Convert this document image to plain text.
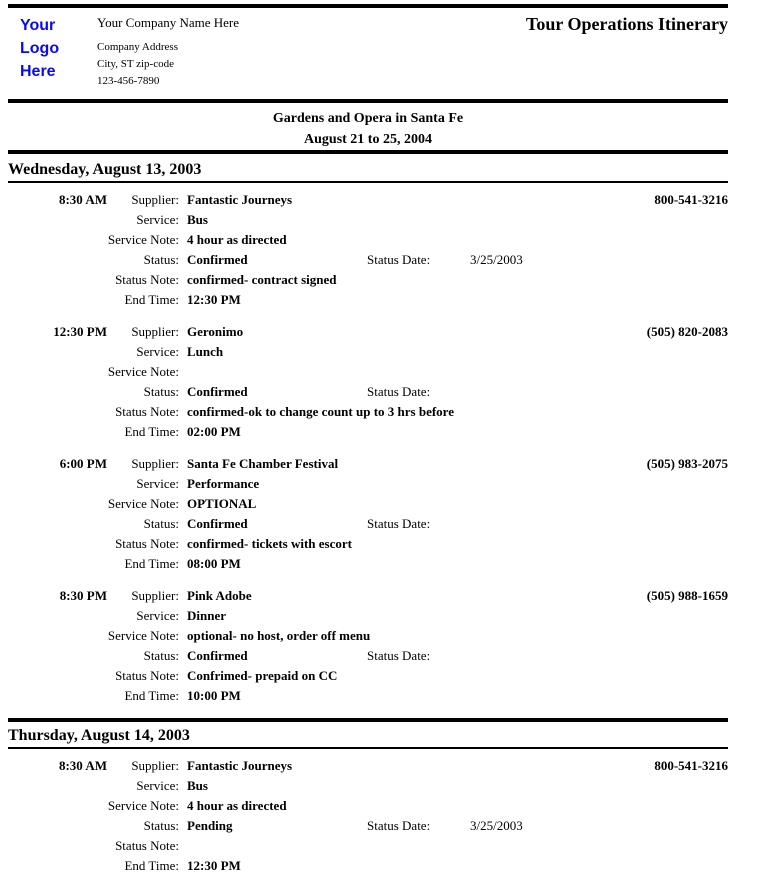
Your
Logo
Here
Your Company Name Here
Company Address
City, ST zip-code
123-456-7890
Tour Operations Itinerary
Gardens and Opera in Santa Fe
August 21 to 25, 2004
Wednesday, August 13, 2003
8:30 AM	Supplier: Fantastic Journeys	800-541-3216
Service: Bus
Service Note: 4 hour as directed
Status: Confirmed	Status Date:	3/25/2003
Status Note: confirmed- contract signed
End Time: 12:30 PM
12:30 PM	Supplier: Geronimo	(505) 820-2083
Service: Lunch
Service Note:
Status: Confirmed	Status Date:
Status Note: confirmed-ok to change count up to 3 hrs before
End Time: 02:00 PM
6:00 PM	Supplier: Santa Fe Chamber Festival	(505) 983-2075
Service: Performance
Service Note: OPTIONAL
Status: Confirmed	Status Date:
Status Note: confirmed- tickets with escort
End Time: 08:00 PM
8:30 PM	Supplier: Pink Adobe	(505) 988-1659
Service: Dinner
Service Note: optional- no host, order off menu
Status: Confirmed	Status Date:
Status Note: Confrimed- prepaid on CC
End Time: 10:00 PM
Thursday, August 14, 2003
8:30 AM	Supplier: Fantastic Journeys	800-541-3216
Service: Bus
Service Note: 4 hour as directed
Status: Pending	Status Date:	3/25/2003
Status Note:
End Time: 12:30 PM
